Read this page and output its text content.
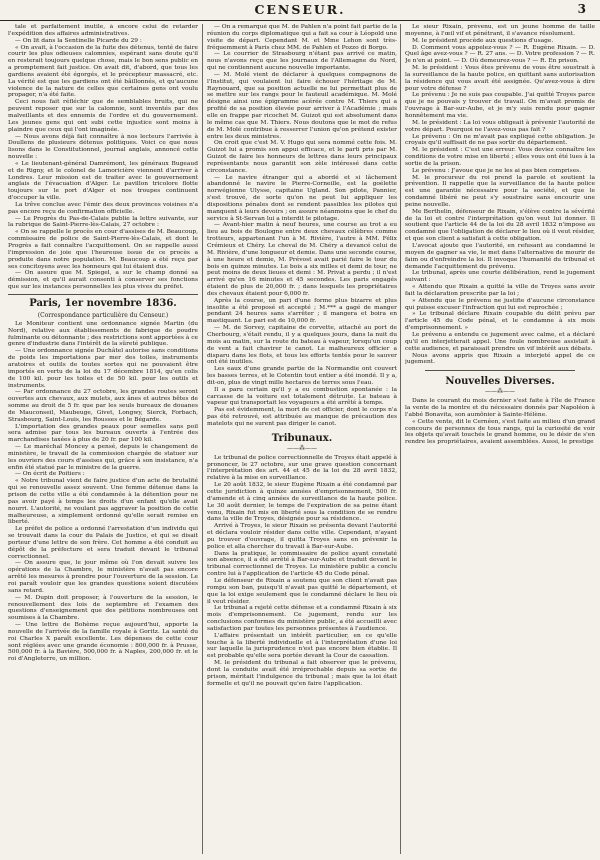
CENSEUR.	3

tale et parfaitement inutile, à encore celui de retarder l'expédition des affaires administratives.

— On lit dans la Sentinelle Picarde du 29 :

« On avait, à l'occasion de la fuite des détenus, tenté de faire courir les plus odieuses calomnies, espérant sans doute qu'il en resterait toujours quelque chose, mais le bon sens public en a promptement fait justice. On avait dit, d'abord, que tous les gardiens avaient été égorgés, et le précepteur massacré, etc. La vérité est que les gardiens ont été bâillonnés, et qu'aucune violence de la nature de celles que certaines gens ont voulu propager, n'a été faite.

Ceci nous fait réfléchir que de semblables bruits, qui ne peuvent reposer que sur la calomnie, sont inventés par des malveillants et des ennemis de l'ordre et du gouvernement. Les jeunes gens qui ont subi cette injustice sont moins à plaindre que ceux qui l'ont imaginée.

— Nous avons déjà fait connaître à nos lecteurs l'arrivée à Doullens de plusieurs détenus politiques. Voici ce que nous lisons dans le Constitutionnel, journal anglais, annoncé cette nouvelle :

« Le lieutenant-général Damrémont, les généraux Bugeaud et de Rigny, et le colonel de Lamoricière viennent d'arriver à Londres. Leur mission est de traiter avec le gouvernement anglais de l'évacuation d'Alger. Le pavillon tricolore flotte toujours sur le port d'Alger et nos troupes continuent d'occuper la ville.

La trêve conclue avec l'émir des deux provinces voisines n'a pas encore reçu de confirmation officielle.

— Le Progrès du Pas-de-Calais publie la lettre suivante, sur la rubrique de Saint-Pierre-lès-Calais, 27 octobre :

« On se rappelle le procès en cour d'assises de M. Beaucoup, commissaire de police de Saint-Pierre-lès-Calais, et dont le Progrès a fait connaître l'acquittement. On se rappelle aussi l'impression de joie que l'heureuse issue de ce procès a produite dans notre population. M. Beaucoup a été reçu par ses concitoyens avec les honneurs qui lui étaient dus.

— On assure que M. Spiegel, a sur le champ donné sa démission, et qu'il aurait consenti à conserver ses fonctions que sur les instances personnelles les plus vives du préfet.

Paris, 1er novembre 1836.
(Correspondance particulière du Censeur.)

Le Moniteur contient une ordonnance signée Martin (du Nord), relative aux établissements de fabrique de poudre fulminante ou détonnante ; des restrictions sont apportées à ce genre d'industrie dans l'intérêt de la sûreté publique.

— Une ordonnance signée Duchâtel autorise sans conditions de poids les importations par mer des toiles, instruments aratoires et outils de toutes sortes qui ne pouvaient être importés en vertu de la loi du 17 décembre 1814, qu'en colis de 100 kil. pour les toiles et de 50 kil. pour les outils et instruments.

— Par ordonnance du 27 octobre, les grandes routes seront ouvertes aux chevaux, aux mulets, aux ânes et autres bêtes de somme au droit de 5 fr. que par les seuls bureaux de douanes de Mauconseil, Maubeuge, Givet, Longwy, Sierck, Forbach, Strasbourg, Saint-Louis, les Rousses et le Bégarde.

L'importation des grandes peaux pour semelles sans poil sera admise par tous les bureaux ouverts à l'entrée des marchandises taxées à plus de 20 fr. par 100 kil.

— Le maréchal Moncey a pensé, depuis le changement de ministère, le travail de la commission chargée de statuer sur les ouvriers des cours d'assises qui, grâce à son insistance, n'a enfin été statué par le ministre de la guerre.

— On écrit de Poitiers :

« Notre tribunal vient de faire justice d'un acte de brutalité qui se renouvelle assez souvent. Une femme détenue dans la prison de cette ville a été condamnée à la détention pour ne pas avoir payé à temps les droits d'un enfant qu'elle avait nourri. L'autorité, ne voulant pas aggraver la position de cette malheureuse, a simplement ordonné qu'elle serait remise en liberté.

Le préfet de police a ordonné l'arrestation d'un individu qui se trouvait dans la cour du Palais de Justice, et qui se disait porteur d'une lettre de son frère. Cet homme a été conduit au dépôt de la préfecture et sera traduit devant le tribunal correctionnel.

— On assure que, le jour même où l'on devait suivre les opérations de la Chambre, le ministère n'avait pas encore arrêté les mesures à prendre pour l'ouverture de la session. Le roi paraît vouloir que les grandes questions soient discutées sans retard.

— M. Dupin doit proposer, à l'ouverture de la session, le renouvellement des lois de septembre et l'examen des questions d'enseignement que des pétitions nombreuses ont soumises à la Chambre.

— Une lettre de Bohème reçue aujourd'hui, apporte la nouvelle de l'arrivée de la famille royale à Goritz. La santé du roi Charles X paraît excellente. Les dépenses de cette cour sont réglées avec une grande économie : 800,000 fr. à Prusse, 500,000 fr. à la Bavière, 500,000 fr. à Naples, 200,000 fr. et le roi d'Angleterre, un million.

— On a remarqué que M. de Pahlen n'a point fait partie de la réunion du corps diplomatique qui a fait sa cour à Léopold une visite de départ. Cependant M. et Mme Lehon sont très-fréquemment à Paris chez MM. de Pahlen et Pozzo di Borgo.

— Le courrier de Strasbourg n'étant pas arrivé ce matin, nous n'avons reçu que les journaux de l'Allemagne du Nord, qui ne contiennent aucune nouvelle importante.

— M. Molé vient de déclarer à quelques compagnons de l'Institut, qui voulaient lui faire échouer l'héritage de M. Raynouard, que sa position actuelle ne lui permettait plus de se mettre sur les rangs pour le fauteuil académique. M. Molé désigne ainsi une épigramme acérée contre M. Thiers qui a profité de sa position élevée pour arriver à l'Académie ; mais elle en frappe par ricochet M. Guizot qui est absolument dans le même cas que M. Thiers. Nous doutons que le mot de refus de M. Molé contribue à resserrer l'union qu'on prétend exister entre les deux ministres.

On croit que c'est M. V. Hugo qui sera nommé cette fois. M. Guizot lui a promis son appui efficace, et le parti pris par M. Guizot de faire les honneurs de lettres dans leurs principaux représentants nous garantit son zèle intéressé dans cette circonstance.

— Le navire étranger qui a abordé et si lâchement abandonné le navire le Pierre-Corneille, est la goélette norwégienne Ulysse, capitaine Ugland. Son pilote, Pannier, s'est trouvé, de sorte qu'on ne peut lui appliquer les dispositions pénales dont se rendent passibles les pilotes qui manquent à leurs devoirs ; on assure néanmoins que le chef du service à St-Servan lui a interdit le pilotage.

— Avant-hier matin à neuf heures, une course au trot a eu lieu au bois de Boulogne entre deux chevaux célèbres comme trotteurs, appartenant l'un à M. Rivière, l'autre à MM. Félix Crémieux et Chéry. Le cheval de M. Chéry a devancé celui de M. Rivière, d'une longueur et demie. Dans une seconde course, à une heure et demie, M. Prévost avait parié faire le tour du bois en quinze minutes. Le bois a six milles et demi de tour, ne peut moins de deux lieues et demi : M. Privat a perdu ; il n'est arrivé qu'en 16 minutes et 45 secondes. Les paris engagés étaient de plus de 20,000 fr. ; dans lesquels les propriétaires des chevaux étaient pour 6,000 fr.

Après la course, un pari d'une forme plus bizarre et plus insolite a été proposé et accepté ; M.*** a gagé de manger pendant 24 heures sans s'arrêter ; il mangera et boira en mastiquant. Le pari est de 10,000 fr.

— M. de Sorvey, capitaine de corvette, attaché au port de Cherbourg, s'était rendu, il y a quelques jours, dans la nuit du mois au matin, sur la route du bateau à vapeur, lorsqu'un coup de vent a fait chavirer le canot. Le malheureux officier a disparu dans les flots, et tous les efforts tentés pour le sauver ont été inutiles.

Les eaux d'une grande partie de la Normandie ont couvert les basses terres, et le Cotentin tout entier a été inondé. Il y a, dit-on, plus de vingt mille hectares de terres sous l'eau.

Il a paru certain qu'il y a eu combustion spontanée : la carcasse de la voiture est totalement détruite. Le bateau à vapeur qui transportait les voyageurs a été arrêté à temps.

Pas est évidemment, la mort de cet officier, dont le corps n'a pas été retrouvé, est attribuée au manque de précaution des matelots qui ne surent pas diriger le canot.

Tribunaux.
——⁂——

Le tribunal de police correctionnelle de Troyes était appelé à prononcer, le 27 octobre, sur une grave question concernant l'interprétation des art. 44 et 45 de la loi du 28 avril 1832, relative à la mise en surveillance.

Le 20 août 1832, le sieur Eugène Rixain a été condamné par cette juridiction à quinze années d'emprisonnement, 500 fr. d'amende et à cinq années de surveillance de la haute police. Le 30 août dernier, le temps de l'expiration de sa peine étant venu, Rixain fut mis en liberté sous la condition de se rendre dans la ville de Troyes, désignée pour sa résidence.

Arrivé à Troyes, le sieur Rixain se présenta devant l'autorité et déclara vouloir résider dans cette ville. Cependant, n'ayant pu trouver d'ouvrage, il quitta Troyes sans en prévenir la police et alla chercher du travail à Bar-sur-Aube.

Dans la pratique, le commissaire de police ayant constaté son absence, il a été arrêté à Bar-sur-Aube et traduit devant le tribunal correctionnel de Troyes. Le ministère public a conclu contre lui à l'application de l'article 45 du Code pénal.

Le défenseur de Rixain a soutenu que son client n'avait pas rompu son ban, puisqu'il n'avait pas quitté le département, et que la loi exige seulement que le condamné déclare le lieu où il veut résider.

Le tribunal a rejeté cette défense et a condamné Rixain à six mois d'emprisonnement. Ce jugement, rendu sur les conclusions conformes du ministère public, a été accueilli avec satisfaction par toutes les personnes présentes à l'audience.

L'affaire présentait un intérêt particulier, en ce qu'elle touche à la liberté individuelle et à l'interprétation d'une loi sur laquelle la jurisprudence n'est pas encore bien établie. Il est probable qu'elle sera portée devant la Cour de cassation.

M. le président du tribunal a fait observer que le prévenu, dont la conduite avait été irréprochable depuis sa sortie de prison, méritait l'indulgence du tribunal ; mais que la loi était formelle et qu'il ne pouvait qu'en faire l'application.

Le sieur Rixain, prévenu, est un jeune homme de taille moyenne, à l'œil vif et pénétrant, il s'avance résolument.

M. le président procède aux questions d'usage.

D. Comment vous appelez-vous ? — R. Eugène Rixain. — D. Quel âge avez-vous ? — R. 27 ans. — D. Votre profession ? — R. Je n'en ai point. — D. Où demeurez-vous ? — R. En prison.

M. le président : Vous êtes prévenu de vous être soustrait à la surveillance de la haute police, en quittant sans autorisation la résidence qui vous avait été assignée. Qu'avez-vous à dire pour votre défense ?

Le prévenu : Je ne suis pas coupable. J'ai quitté Troyes parce que je ne pouvais y trouver de travail. On m'avait promis de l'ouvrage à Bar-sur-Aube, et je m'y suis rendu pour gagner honnêtement ma vie.

M. le président : La loi vous obligeait à prévenir l'autorité de votre départ. Pourquoi ne l'avez-vous pas fait ?

Le prévenu : On ne m'avait pas expliqué cette obligation. Je croyais qu'il suffisait de ne pas sortir du département.

M. le président : C'est une erreur. Vous deviez connaître les conditions de votre mise en liberté ; elles vous ont été lues à la sortie de la prison.

Le prévenu : J'avoue que je ne les ai pas bien comprises.

M. le procureur du roi prend la parole et soutient la prévention. Il rappelle que la surveillance de la haute police est une garantie nécessaire pour la société, et que le condamné libéré ne peut s'y soustraire sans encourir une peine nouvelle.

Me Berthelin, défenseur de Rixain, s'élève contre la sévérité de la loi et contre l'interprétation qu'on veut lui donner. Il soutient que l'article 44 de la loi du 28 avril 1832 n'impose au condamné que l'obligation de déclarer le lieu où il veut résider, et que son client a satisfait à cette obligation.

L'avocat ajoute que l'autorité, en refusant au condamné le moyen de gagner sa vie, le met dans l'alternative de mourir de faim ou d'enfreindre la loi. Il invoque l'humanité du tribunal et demande l'acquittement du prévenu.

Le tribunal, après une courte délibération, rend le jugement suivant :

« Attendu que Rixain a quitté la ville de Troyes sans avoir fait la déclaration prescrite par la loi ;

» Attendu que le prévenu ne justifie d'aucune circonstance qui puisse excuser l'infraction qui lui est reprochée ;

» Le tribunal déclare Rixain coupable du délit prévu par l'article 45 du Code pénal, et le condamne à six mois d'emprisonnement. »

Le prévenu a entendu ce jugement avec calme, et a déclaré qu'il en interjetterait appel. Une foule nombreuse assistait à cette audience, et paraissait prendre un vif intérêt aux débats.

Nous avons appris que Rixain a interjeté appel de ce jugement.

Nouvelles Diverses.
——⁂——

Dans le courant du mois dernier s'est faite à l'île de France la vente de la montre et du nécessaire donnés par Napoléon à l'abbé Bonavita, son aumônier à Sainte-Hélène.

« Cette vente, dit le Cernéen, s'est faite au milieu d'un grand concours de personnes de tous rangs, qui la curiosité de voir les objets qu'avait touchés le grand homme, ou le désir de s'en rendre les propriétaires, avaient assemblées. Aussi, le prestige
